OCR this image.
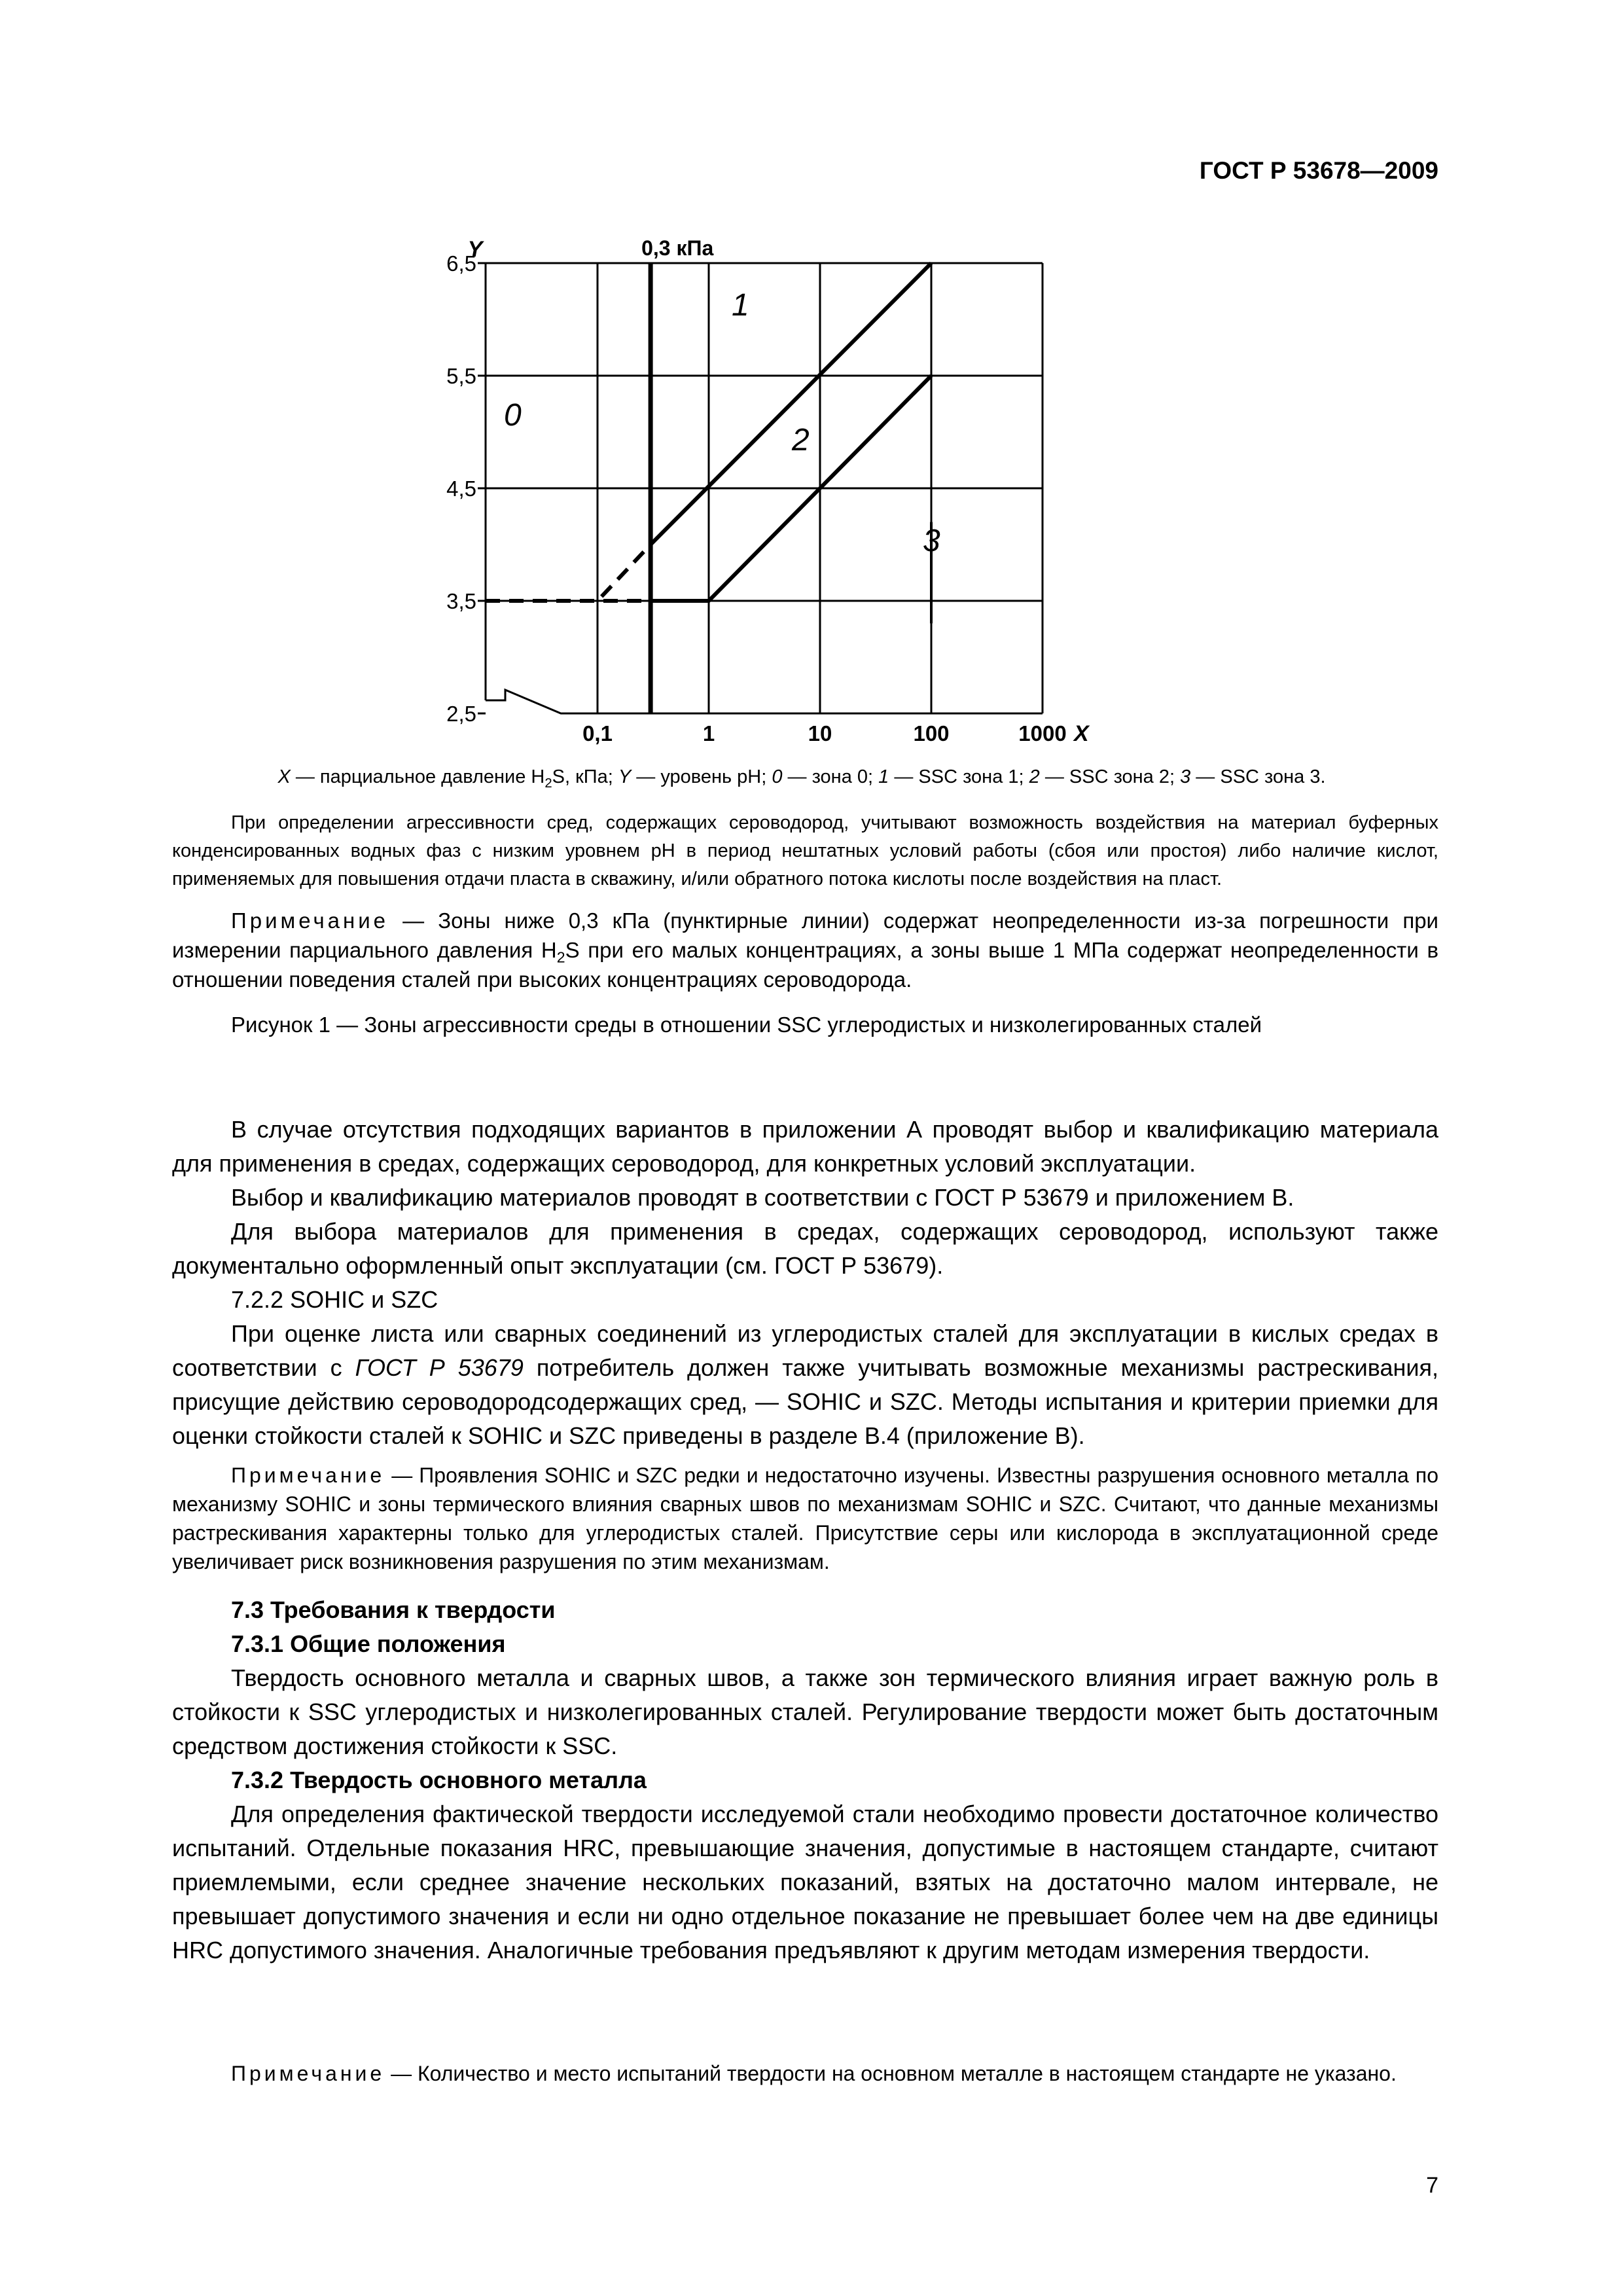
ГОСТ Р 53678—2009
2,5
3,5
4,5
5,5
6,5
0,1	1	10	100	1000
Y
X
0,3 кПа
0
1
2
3
X — парциальное давление $H_2S$, кПа; Y — уровень pH; 0 — зона 0; 1 — SSC зона 1; 2 — SSC зона 2; 3 — SSC зона 3.
При определении агрессивности сред, содержащих сероводород, учитывают возможность воздействия на материал буферных конденсированных водных фаз с низким уровнем pH в период нештатных условий работы (сбоя или простоя) либо наличие кислот, применяемых для повышения отдачи пласта в скважину, и/или обратного потока кислоты после воздействия на пласт.
Примечание — Зоны ниже 0,3 кПа (пунктирные линии) содержат неопределенности из-за погрешности при измерении парциального давления $H_2S$ при его малых концентрациях, а зоны выше 1 МПа содержат неопределенности в отношении поведения сталей при высоких концентрациях сероводорода.
Рисунок 1 — Зоны агрессивности среды в отношении SSC углеродистых и низколегированных сталей

В случае отсутствия подходящих вариантов в приложении А проводят выбор и квалификацию материала для применения в средах, содержащих сероводород, для конкретных условий эксплуатации.

Выбор и квалификацию материалов проводят в соответствии с ГОСТ Р 53679 и приложением В.

Для выбора материалов для применения в средах, содержащих сероводород, используют также документально оформленный опыт эксплуатации (см. ГОСТ Р 53679).

7.2.2 SOHIC и SZC

При оценке листа или сварных соединений из углеродистых сталей для эксплуатации в кислых средах в соответствии с ГОСТ Р 53679 потребитель должен также учитывать возможные механизмы растрескивания, присущие действию сероводородсодержащих сред, — SOHIC и SZC. Методы испытания и критерии приемки для оценки стойкости сталей к SOHIC и SZC приведены в разделе В.4 (приложение В).

Примечание — Проявления SOHIC и SZC редки и недостаточно изучены. Известны разрушения основного металла по механизму SOHIC и зоны термического влияния сварных швов по механизмам SOHIC и SZC. Считают, что данные механизмы растрескивания характерны только для углеродистых сталей. Присутствие серы или кислорода в эксплуатационной среде увеличивает риск возникновения разрушения по этим механизмам.

7.3 Требования к твердости

7.3.1 Общие положения

Твердость основного металла и сварных швов, а также зон термического влияния играет важную роль в стойкости к SSC углеродистых и низколегированных сталей. Регулирование твердости может быть достаточным средством достижения стойкости к SSC.

7.3.2 Твердость основного металла

Для определения фактической твердости исследуемой стали необходимо провести достаточное количество испытаний. Отдельные показания HRC, превышающие значения, допустимые в настоящем стандарте, считают приемлемыми, если среднее значение нескольких показаний, взятых на достаточно малом интервале, не превышает допустимого значения и если ни одно отдельное показание не превышает более чем на две единицы HRC допустимого значения. Аналогичные требования предъявляют к другим методам измерения твердости.

Примечание — Количество и место испытаний твердости на основном металле в настоящем стандарте не указано.
7
